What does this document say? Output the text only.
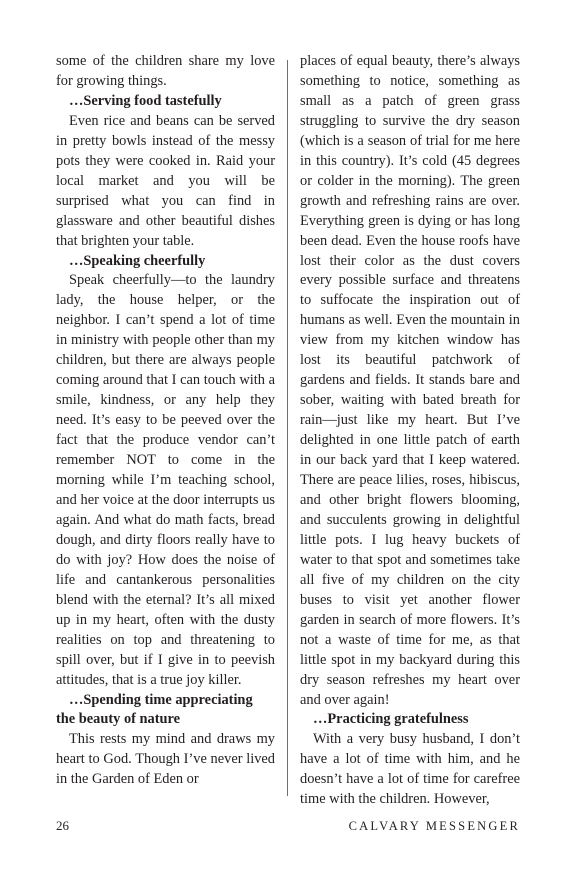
some of the children share my love for growing things.

…Serving food tastefully

Even rice and beans can be served in pretty bowls instead of the messy pots they were cooked in. Raid your local market and you will be surprised what you can find in glassware and other beautiful dishes that brighten your table.

…Speaking cheerfully

Speak cheerfully—to the laundry lady, the house helper, or the neighbor. I can’t spend a lot of time in ministry with people other than my children, but there are always people coming around that I can touch with a smile, kindness, or any help they need. It’s easy to be peeved over the fact that the produce vendor can’t remember NOT to come in the morning while I’m teaching school, and her voice at the door interrupts us again. And what do math facts, bread dough, and dirty floors really have to do with joy? How does the noise of life and cantankerous personalities blend with the eternal? It’s all mixed up in my heart, often with the dusty realities on top and threatening to spill over, but if I give in to peevish attitudes, that is a true joy killer.

…Spending time appreciating the beauty of nature

This rests my mind and draws my heart to God. Though I’ve never lived in the Garden of Eden or

places of equal beauty, there’s always something to notice, something as small as a patch of green grass struggling to survive the dry season (which is a season of trial for me here in this country). It’s cold (45 degrees or colder in the morning). The green growth and refreshing rains are over. Everything green is dying or has long been dead. Even the house roofs have lost their color as the dust covers every possible surface and threatens to suffocate the inspiration out of humans as well. Even the mountain in view from my kitchen window has lost its beautiful patchwork of gardens and fields. It stands bare and sober, waiting with bated breath for rain—just like my heart. But I’ve delighted in one little patch of earth in our back yard that I keep watered. There are peace lilies, roses, hibiscus, and other bright flowers blooming, and succulents growing in delightful little pots. I lug heavy buckets of water to that spot and sometimes take all five of my children on the city buses to visit yet another flower garden in search of more flowers. It’s not a waste of time for me, as that little spot in my backyard during this dry season refreshes my heart over and over again!

…Practicing gratefulness

With a very busy husband, I don’t have a lot of time with him, and he doesn’t have a lot of time for carefree time with the children. However,

26	CALVARY MESSENGER
